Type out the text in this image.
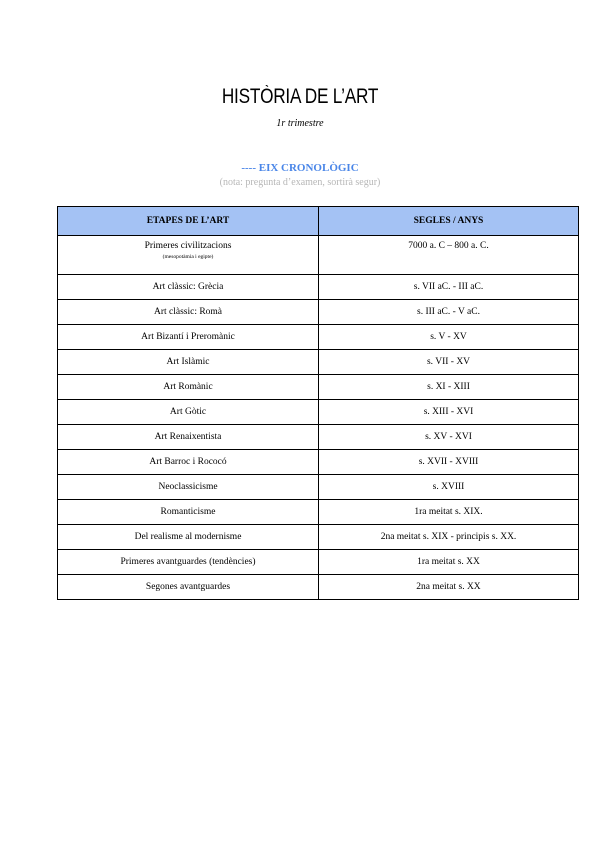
HISTÒRIA DE L’ART
1r trimestre
---- EIX CRONOLÒGIC
(nota: pregunta d’examen, sortirà segur)
ETAPES DE L’ART	SEGLES / ANYS
Primeres civilitzacions
(mesopotàmia i egipte)	7000 a. C – 800 a. C.
Art clàssic: Grècia	s. VII aC. - III aC.
Art clàssic: Romà	s. III aC. - V aC.
Art Bizantí i Preromànic	s. V - XV
Art Islàmic	s. VII - XV
Art Romànic	s. XI - XIII
Art Gòtic	s. XIII - XVI
Art Renaixentista	s. XV - XVI
Art Barroc i Rococó	s. XVII - XVIII
Neoclassicisme	s. XVIII
Romanticisme	1ra meitat s. XIX.
Del realisme al modernisme	2na meitat s. XIX - principis s. XX.
Primeres avantguardes (tendències)	1ra meitat s. XX
Segones avantguardes	2na meitat s. XX
